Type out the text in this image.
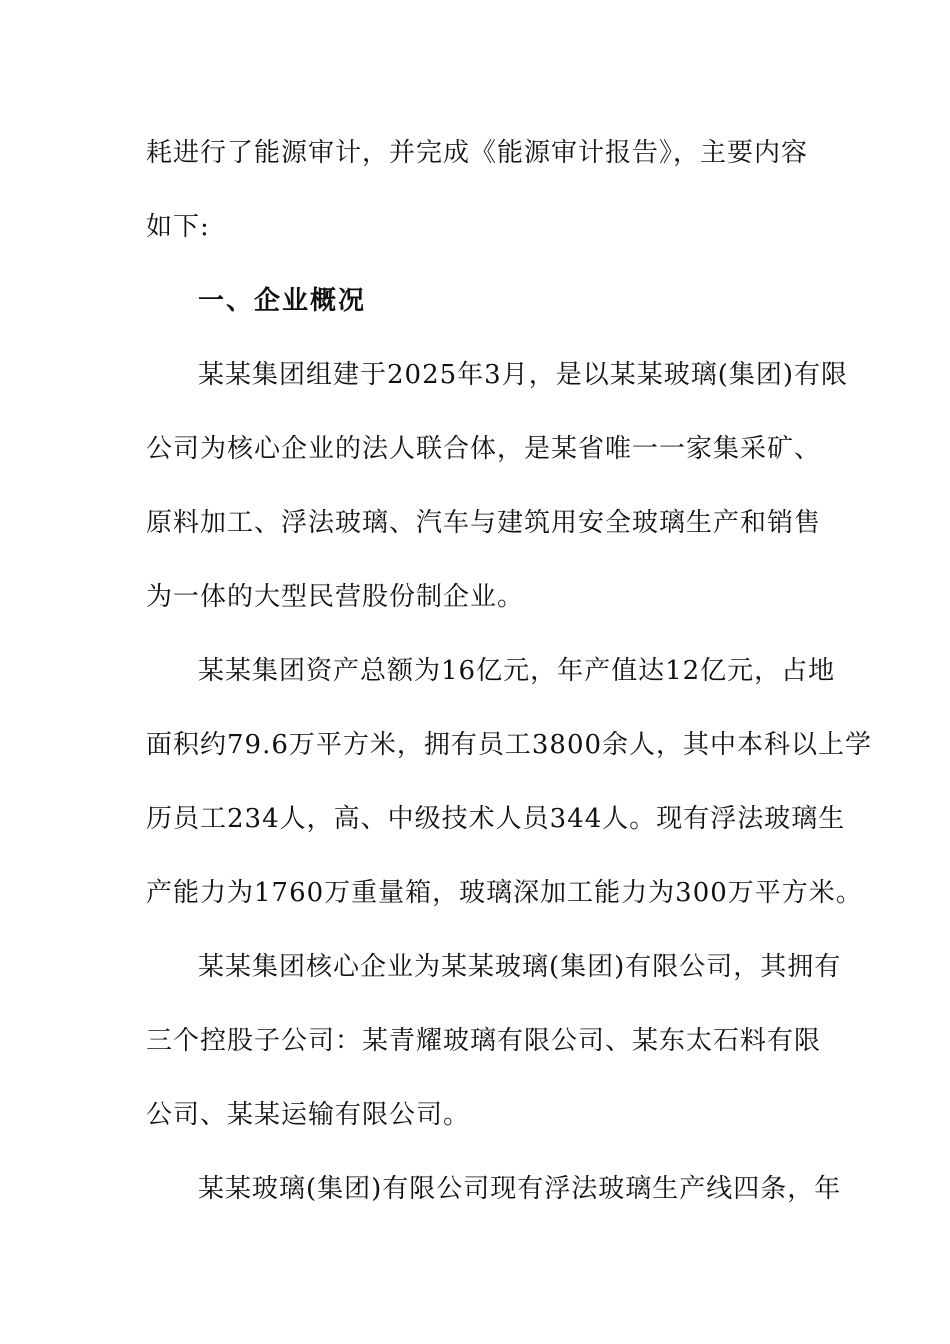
耗进行了能源审计，并完成《能源审计报告》，主要内容
如下:
一、企业概况
某某集团组建于2025年3月，是以某某玻璃(集团)有限
公司为核心企业的法人联合体，是某省唯一一家集采矿、
原料加工、浮法玻璃、汽车与建筑用安全玻璃生产和销售
为一体的大型民营股份制企业。
某某集团资产总额为16亿元，年产值达12亿元，占地
面积约79.6万平方米，拥有员工3800余人，其中本科以上学
历员工234人，高、中级技术人员344人。现有浮法玻璃生
产能力为1760万重量箱，玻璃深加工能力为300万平方米。
某某集团核心企业为某某玻璃(集团)有限公司，其拥有
三个控股子公司：某青耀玻璃有限公司、某东太石料有限
公司、某某运输有限公司。
某某玻璃(集团)有限公司现有浮法玻璃生产线四条，年
